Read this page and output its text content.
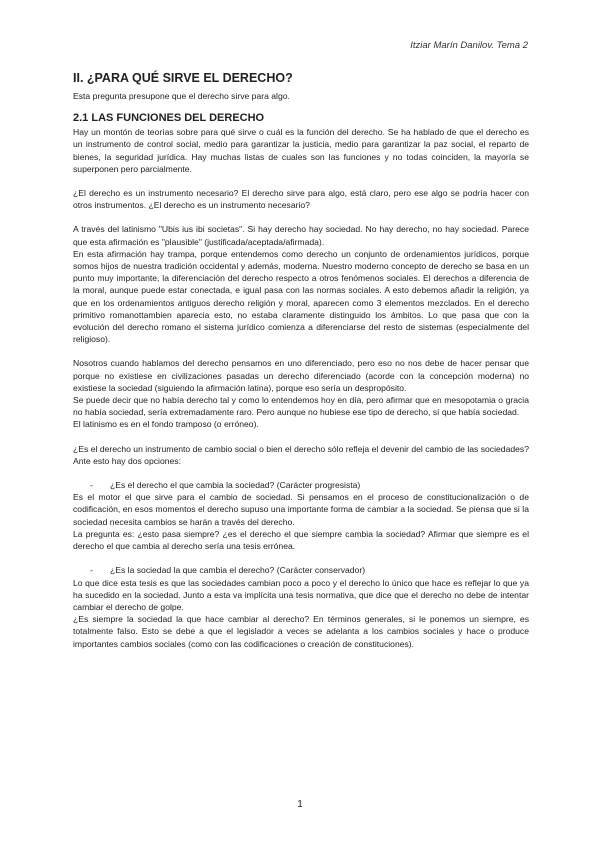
Itziar Marín Danilov. Tema 2
II. ¿PARA QUÉ SIRVE EL DERECHO?

Esta pregunta presupone que el derecho sirve para algo.

2.1 LAS FUNCIONES DEL DERECHO

Hay un montón de teorías sobre para qué sirve o cuál es la función del derecho. Se ha hablado de que el derecho es un instrumento de control social, medio para garantizar la justicia, medio para garantizar la paz social, el reparto de bienes, la seguridad jurídica. Hay muchas listas de cuales son las funciones y no todas coinciden, la mayoría se superponen pero parcialmente.

¿El derecho es un instrumento necesario? El derecho sirve para algo, está claro, pero ese algo se podría hacer con otros instrumentos. ¿El derecho es un instrumento necesario?

A través del latinismo "Ubis ius ibi societas". Si hay derecho hay sociedad. No hay derecho, no hay sociedad. Parece que esta afirmación es "plausible" (justificada/aceptada/afirmada).

En esta afirmación hay trampa, porque entendemos como derecho un conjunto de ordenamientos jurídicos, porque somos hijos de nuestra tradición occidental y además, moderna. Nuestro moderno concepto de derecho se basa en un punto muy importante, la diferenciación del derecho respecto a otros fenómenos sociales. El derechos a diferencia de la moral, aunque puede estar conectada, e igual pasa con las normas sociales. A esto debemos añadir la religión, ya que en los ordenamientos antiguos derecho religión y moral, aparecen como 3 elementos mezclados. En el derecho primitivo romanottambien aparecia esto, no estaba claramente distinguido los ámbitos. Lo que pasa que con la evolución del derecho romano el sistema jurídico comienza a diferenciarse del resto de sistemas (especialmente del religioso).

Nosotros cuando hablamos del derecho pensamos en uno diferenciado, pero eso no nos debe de hacer pensar que porque no existiese en civilizaciones pasadas un derecho diferenciado (acorde con la concepción moderna) no existiese la sociedad (siguiendo la afirmación latina), porque eso sería un despropósito.

Se puede decir que no había derecho tal y como lo entendemos hoy en día, pero afirmar que en mesopotamia o gracia no había sociedad, sería extremadamente raro. Pero aunque no hubiese ese tipo de derecho, sí que había sociedad.

El latinismo es en el fondo tramposo (o erróneo).

¿Es el derecho un instrumento de cambio social o bien el derecho sólo refleja el devenir del cambio de las sociedades? Ante esto hay dos opciones:

-	¿Es el derecho el que cambia la sociedad? (Carácter progresista)

Es el motor el que sirve para el cambio de sociedad. Si pensamos en el proceso de constitucionalización o de codificación, en esos momentos el derecho supuso una importante forma de cambiar a la sociedad. Se piensa que si la sociedad necesita cambios se harán a través del derecho.

La pregunta es: ¿esto pasa siempre? ¿es el derecho el que siempre cambia la sociedad? Afirmar que siempre es el derecho el que cambia al derecho sería una tesis errónea.

-	¿Es la sociedad la que cambia el derecho? (Carácter conservador)

Lo que dice esta tesis es que las sociedades cambian poco a poco y el derecho lo único que hace es reflejar lo que ya ha sucedido en la sociedad. Junto a esta va implícita una tesis normativa, que dice que el derecho no debe de intentar cambiar el derecho de golpe.

¿Es siempre la sociedad la que hace cambiar al derecho? En términos generales, si le ponemos un siempre, es totalmente falso. Esto se debe a que el legislador a veces se adelanta a los cambios sociales y hace o produce importantes cambios sociales (como con las codificaciones o creación de constituciones).

1
